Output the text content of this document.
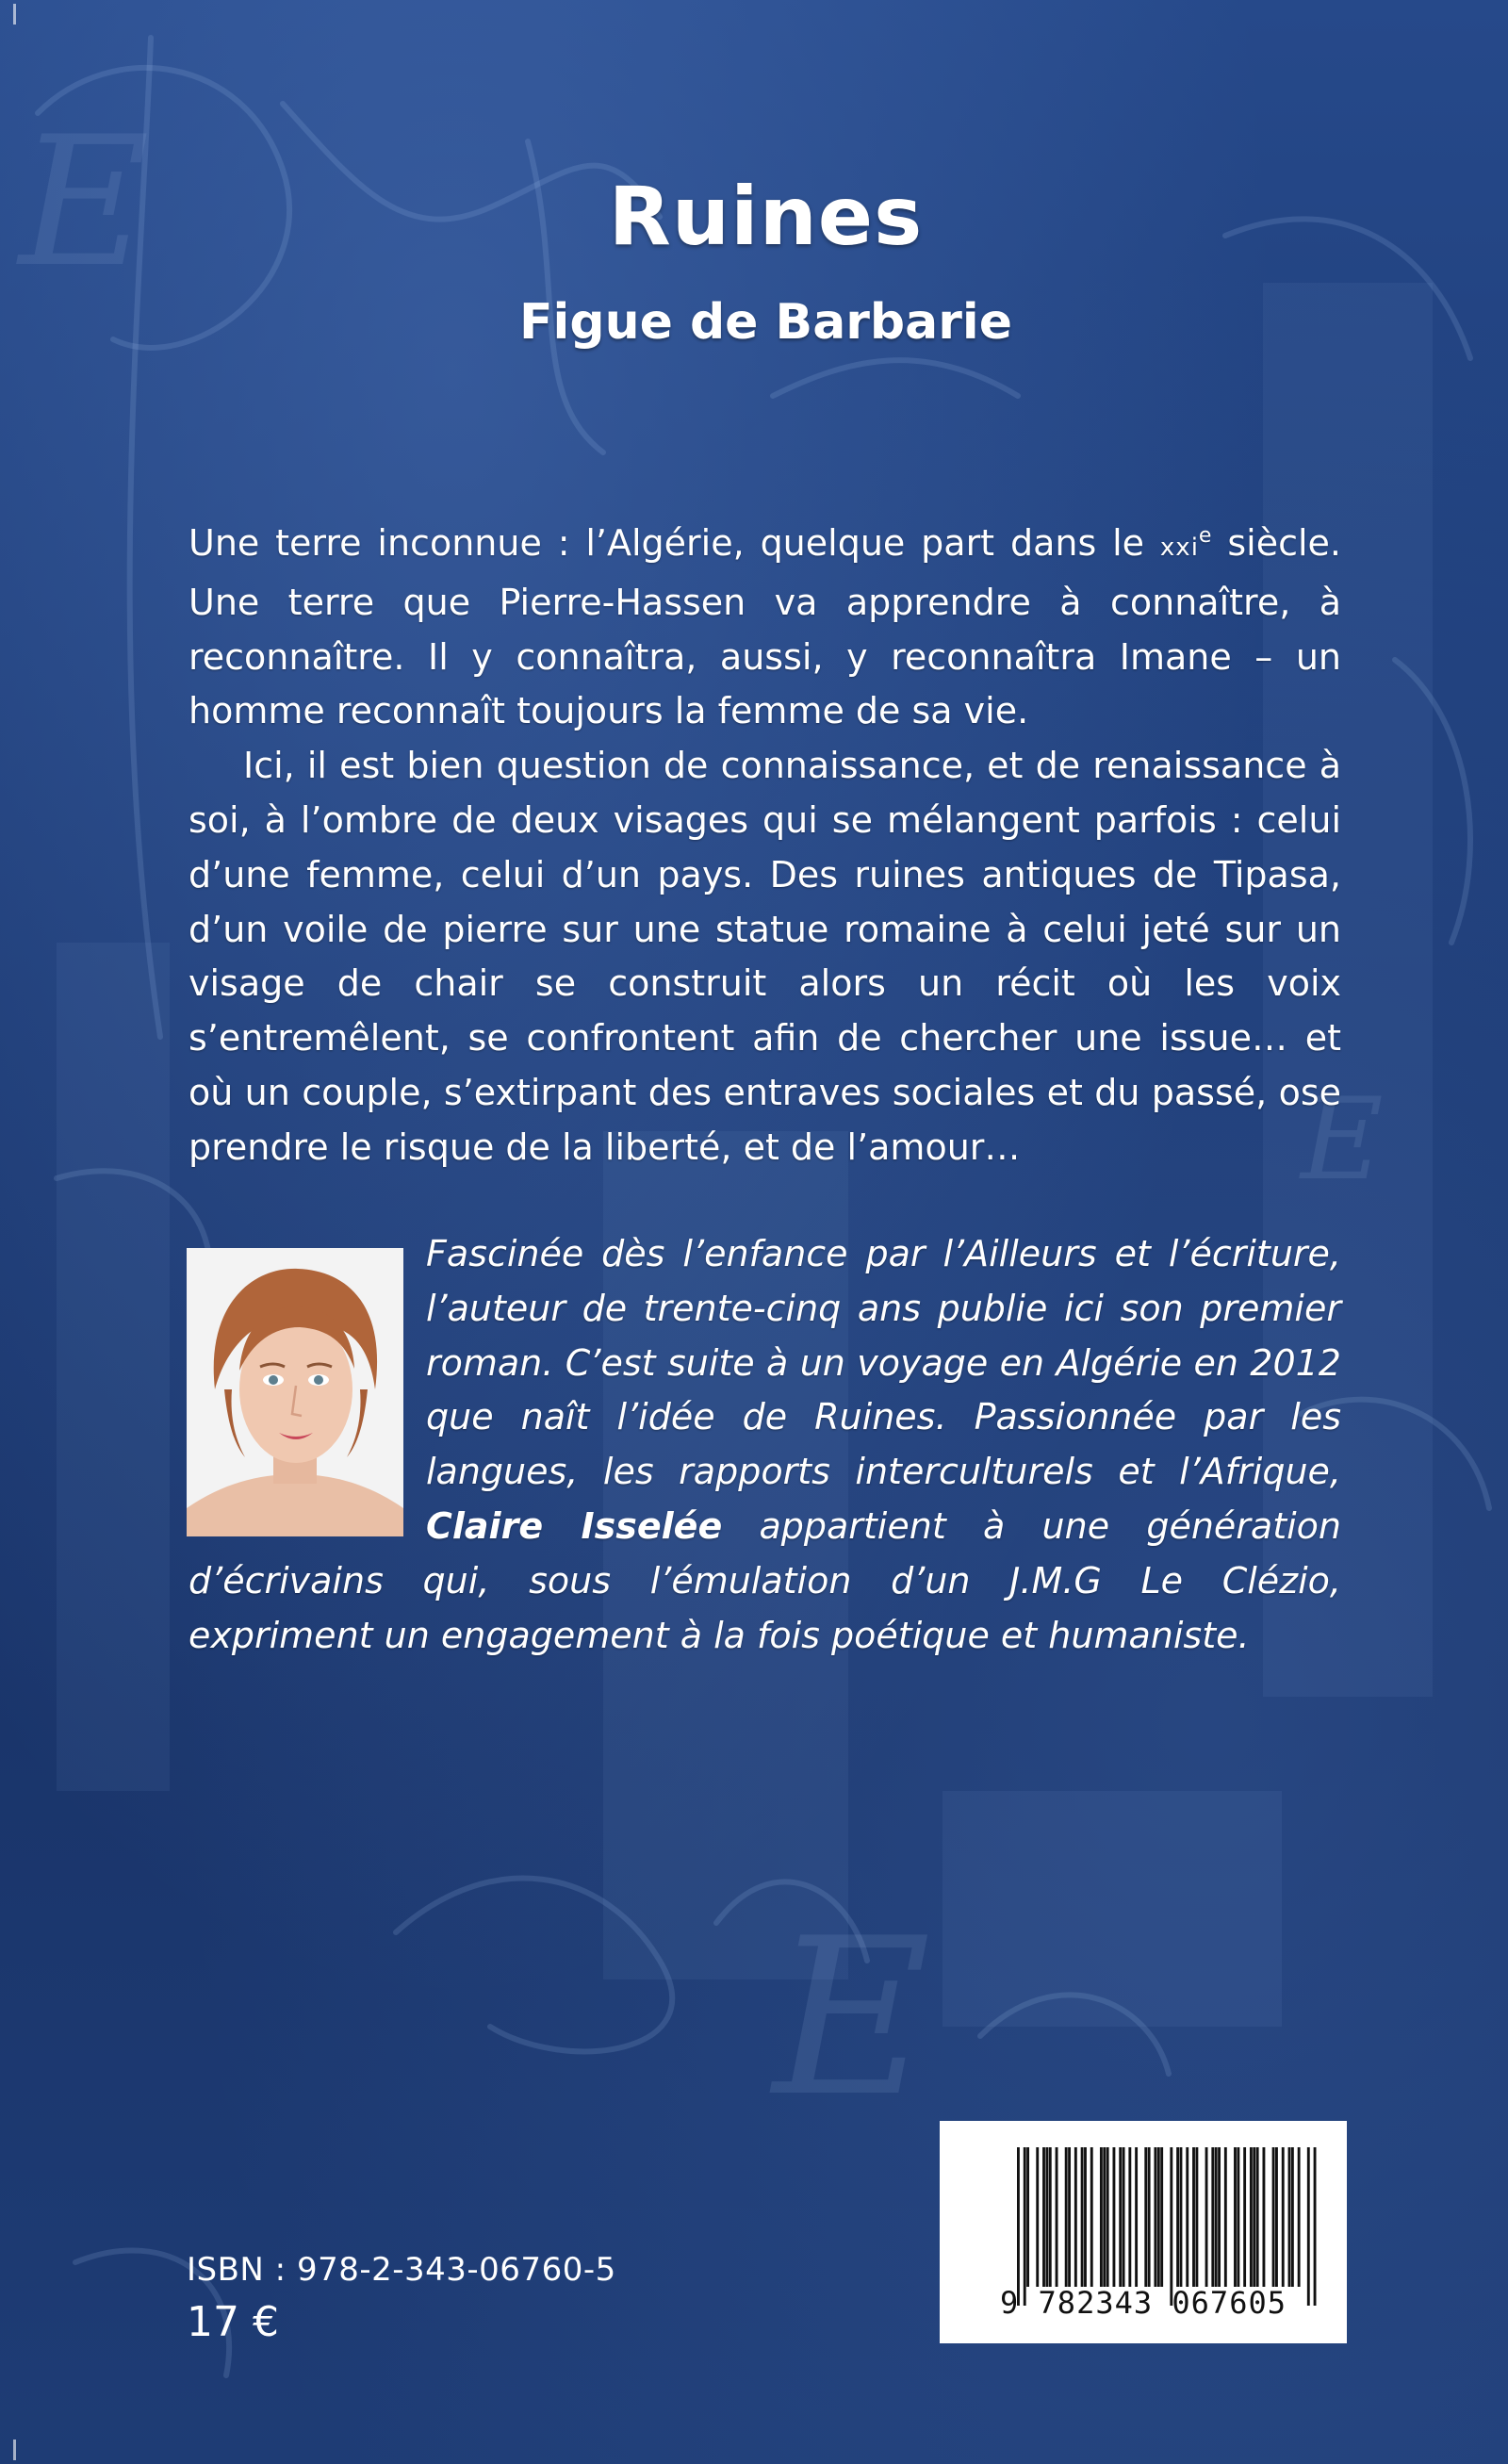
E
E
E
Ruines
Figue de Barbarie

Une terre inconnue : l’Algérie, quelque part dans le xxi$^e$ siècle. Une terre que Pierre-Hassen va apprendre à connaître, à reconnaître. Il y connaîtra, aussi, y reconnaîtra Imane – un homme reconnaît toujours la femme de sa vie.

Ici, il est bien question de connaissance, et de renaissance à soi, à l’ombre de deux visages qui se mélangent parfois : celui d’une femme, celui d’un pays. Des ruines antiques de Tipasa, d’un voile de pierre sur une statue romaine à celui jeté sur un visage de chair se construit alors un récit où les voix s’entremêlent, se confrontent afin de chercher une issue… et où un couple, s’extirpant des entraves sociales et du passé, ose prendre le risque de la liberté, et de l’amour…

Fascinée dès l’enfance par l’Ailleurs et l’écriture, l’auteur de trente-cinq ans publie ici son premier roman. C’est suite à un voyage en Algérie en 2012 que naît l’idée de Ruines. Passionnée par les langues, les rapports interculturels et l’Afrique, Claire Isselée appartient à une génération d’écrivains qui, sous l’émulation d’un J.M.G Le Clézio, expriment un engagement à la fois poétique et humaniste.

ISBN : 978-2-343-06760-5
17 €	9 782343 067605
